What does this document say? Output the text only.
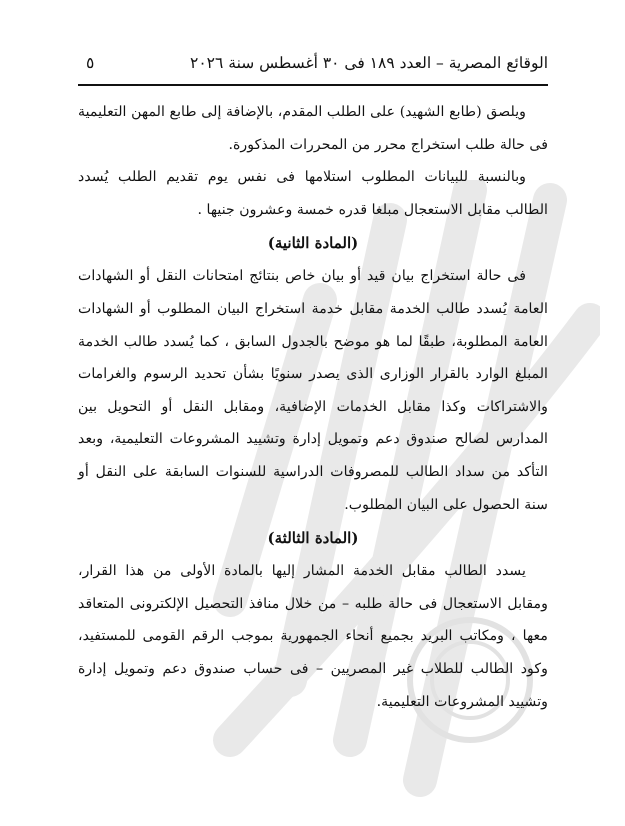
الوقائع المصرية – العدد ١٨٩ فى ٣٠ أغسطس سنة ٢٠٢٦
٥

ويلصق (طابع الشهيد) على الطلب المقدم، بالإضافة إلى طابع المهن التعليمية فى حالة طلب استخراج محرر من المحررات المذكورة.

وبالنسبة للبيانات المطلوب استلامها فى نفس يوم تقديم الطلب يُسدد الطالب مقابل الاستعجال مبلغا قدره خمسة وعشرون جنيها .

(المادة الثانية)

فى حالة استخراج بيان قيد أو بيان خاص بنتائج امتحانات النقل أو الشهادات العامة يُسدد طالب الخدمة مقابل خدمة استخراج البيان المطلوب أو الشهادات العامة المطلوبة، طبقًا لما هو موضح بالجدول السابق ، كما يُسدد طالب الخدمة المبلغ الوارد بالقرار الوزارى الذى يصدر سنويًا بشأن تحديد الرسوم والغرامات والاشتراكات وكذا مقابل الخدمات الإضافية، ومقابل النقل أو التحويل بين المدارس لصالح صندوق دعم وتمويل إدارة وتشييد المشروعات التعليمية، وبعد التأكد من سداد الطالب للمصروفات الدراسية للسنوات السابقة على النقل أو سنة الحصول على البيان المطلوب.

(المادة الثالثة)

يسدد الطالب مقابل الخدمة المشار إليها بالمادة الأولى من هذا القرار، ومقابل الاستعجال فى حالة طلبه – من خلال منافذ التحصيل الإلكترونى المتعاقد معها ، ومكاتب البريد بجميع أنحاء الجمهورية بموجب الرقم القومى للمستفيد، وكود الطالب للطلاب غير المصريين – فى حساب صندوق دعم وتمويل إدارة وتشييد المشروعات التعليمية.
